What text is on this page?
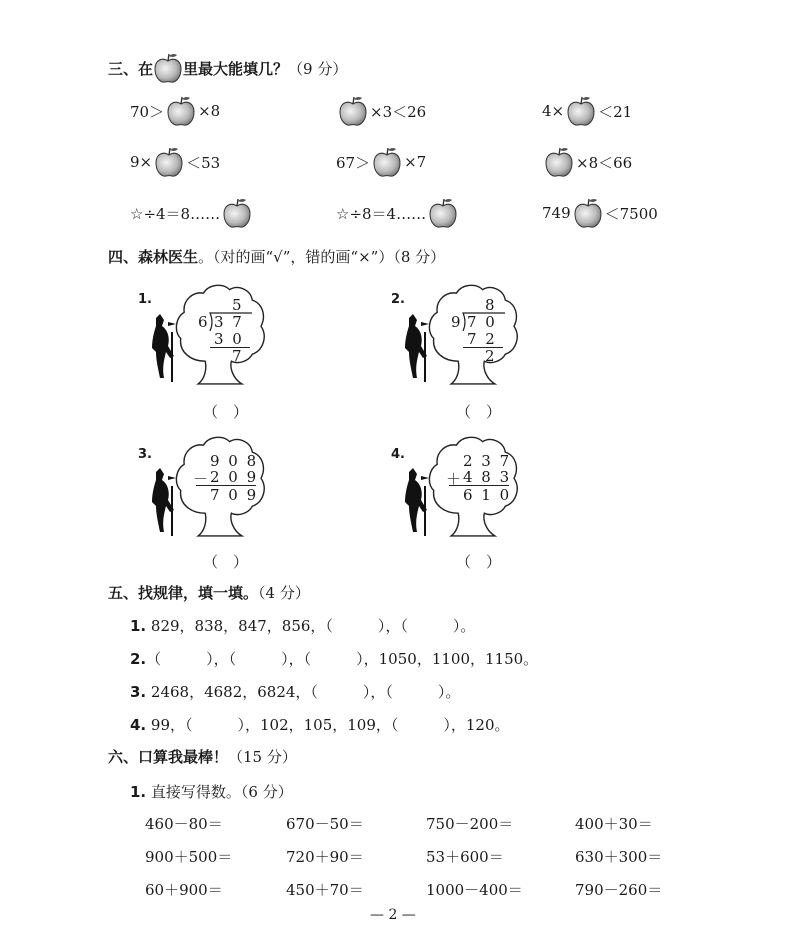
三、在 里最大能填几？ （9 分）
70＞ ×8	×3＜26	4× ＜21
9× ＜53	67＞ ×7	×8＜66
☆÷4＝8……	☆÷8＝4……	749 ＜7500
四、森林医生。（对的画“√”，错的画“×”）（8 分）
1.	5
6 3 7
3 0
7
（　）
2.	8
9 7 0
7 2
2
（　）
3.	9 0 8
－ 2 0 9
7 0 9
（　）
4.	2 3 7
＋ 4 8 3
6 1 0
（　）
五、找规律，填一填。（4 分）
1. 829，838，847，856，（　　　），（　　　）。
2.（　　　），（　　　），（　　　），1050，1100，1150。
3. 2468，4682，6824，（　　　），（　　　）。
4. 99，（　　　），102，105，109，（　　　），120。
六、口算我最棒！（15 分）
1. 直接写得数。（6 分）
460－80＝	670－50＝	750－200＝	400＋30＝
900＋500＝	720＋90＝	53＋600＝	630＋300＝
60＋900＝	450＋70＝	1000－400＝	790－260＝
— 2 —
